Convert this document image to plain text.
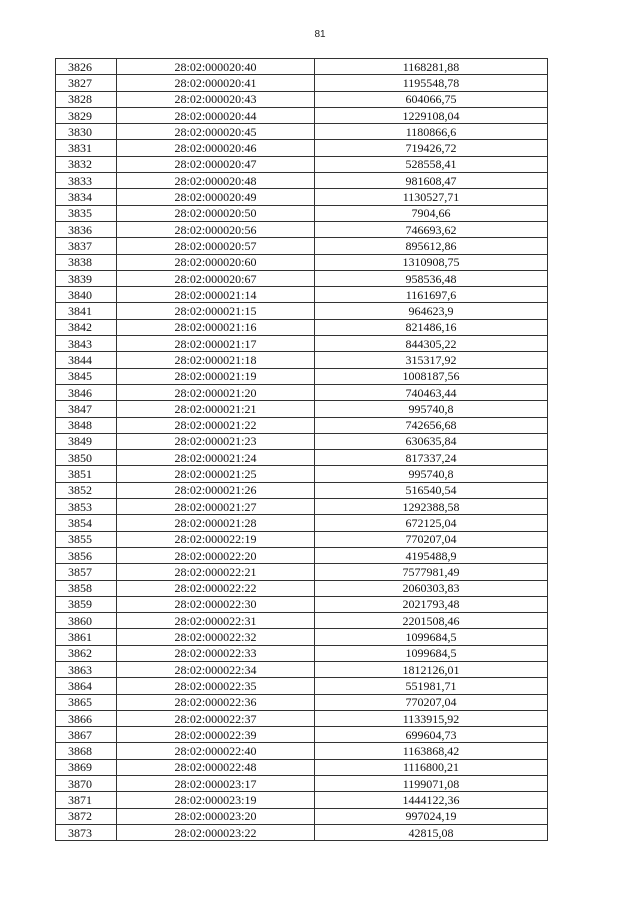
81
3826	28:02:000020:40	1168281,88
3827	28:02:000020:41	1195548,78
3828	28:02:000020:43	604066,75
3829	28:02:000020:44	1229108,04
3830	28:02:000020:45	1180866,6
3831	28:02:000020:46	719426,72
3832	28:02:000020:47	528558,41
3833	28:02:000020:48	981608,47
3834	28:02:000020:49	1130527,71
3835	28:02:000020:50	7904,66
3836	28:02:000020:56	746693,62
3837	28:02:000020:57	895612,86
3838	28:02:000020:60	1310908,75
3839	28:02:000020:67	958536,48
3840	28:02:000021:14	1161697,6
3841	28:02:000021:15	964623,9
3842	28:02:000021:16	821486,16
3843	28:02:000021:17	844305,22
3844	28:02:000021:18	315317,92
3845	28:02:000021:19	1008187,56
3846	28:02:000021:20	740463,44
3847	28:02:000021:21	995740,8
3848	28:02:000021:22	742656,68
3849	28:02:000021:23	630635,84
3850	28:02:000021:24	817337,24
3851	28:02:000021:25	995740,8
3852	28:02:000021:26	516540,54
3853	28:02:000021:27	1292388,58
3854	28:02:000021:28	672125,04
3855	28:02:000022:19	770207,04
3856	28:02:000022:20	4195488,9
3857	28:02:000022:21	7577981,49
3858	28:02:000022:22	2060303,83
3859	28:02:000022:30	2021793,48
3860	28:02:000022:31	2201508,46
3861	28:02:000022:32	1099684,5
3862	28:02:000022:33	1099684,5
3863	28:02:000022:34	1812126,01
3864	28:02:000022:35	551981,71
3865	28:02:000022:36	770207,04
3866	28:02:000022:37	1133915,92
3867	28:02:000022:39	699604,73
3868	28:02:000022:40	1163868,42
3869	28:02:000022:48	1116800,21
3870	28:02:000023:17	1199071,08
3871	28:02:000023:19	1444122,36
3872	28:02:000023:20	997024,19
3873	28:02:000023:22	42815,08
